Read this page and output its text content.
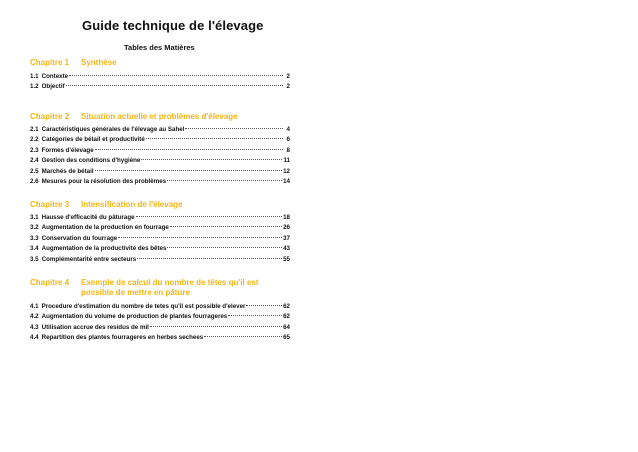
Guide technique de l'élevage
Tables des Matières
Chapitre 1	Synthèse
1.1 Contexte	2
1.2 Objectif	2
Chapitre 2	Situation actuelle et problèmes d'élevage
2.1 Caractéristiques générales de l'élevage au Sahel	4
2.2 Catégories de bétail et productivité	6
2.3 Formes d'élevage	8
2.4 Gestion des conditions d'hygiène	11
2.5 Marchés de bétail	12
2.6 Mesures pour la résolution des problèmes	14
Chapitre 3	Intensification de l'élevage
3.1 Hausse d'efficacité du pâturage	18
3.2 Augmentation de la production en fourrage	26
3.3 Conservation du fourrage	37
3.4 Augmentation de la productivité des bêtes	43
3.5 Complémentarité entre secteurs	55
Chapitre 4	Exemple de calcul du nombre de têtes qu'il est possible de mettre en pâture
4.1 Procedure d'estimation du nombre de tetes qu'il est possible d'elever	62
4.2 Augmentation du volume de production de plantes fourrageres	62
4.3 Utilisation accrue des residus de mil	64
4.4 Repartition des plantes fourrageres en herbes sechees	65
